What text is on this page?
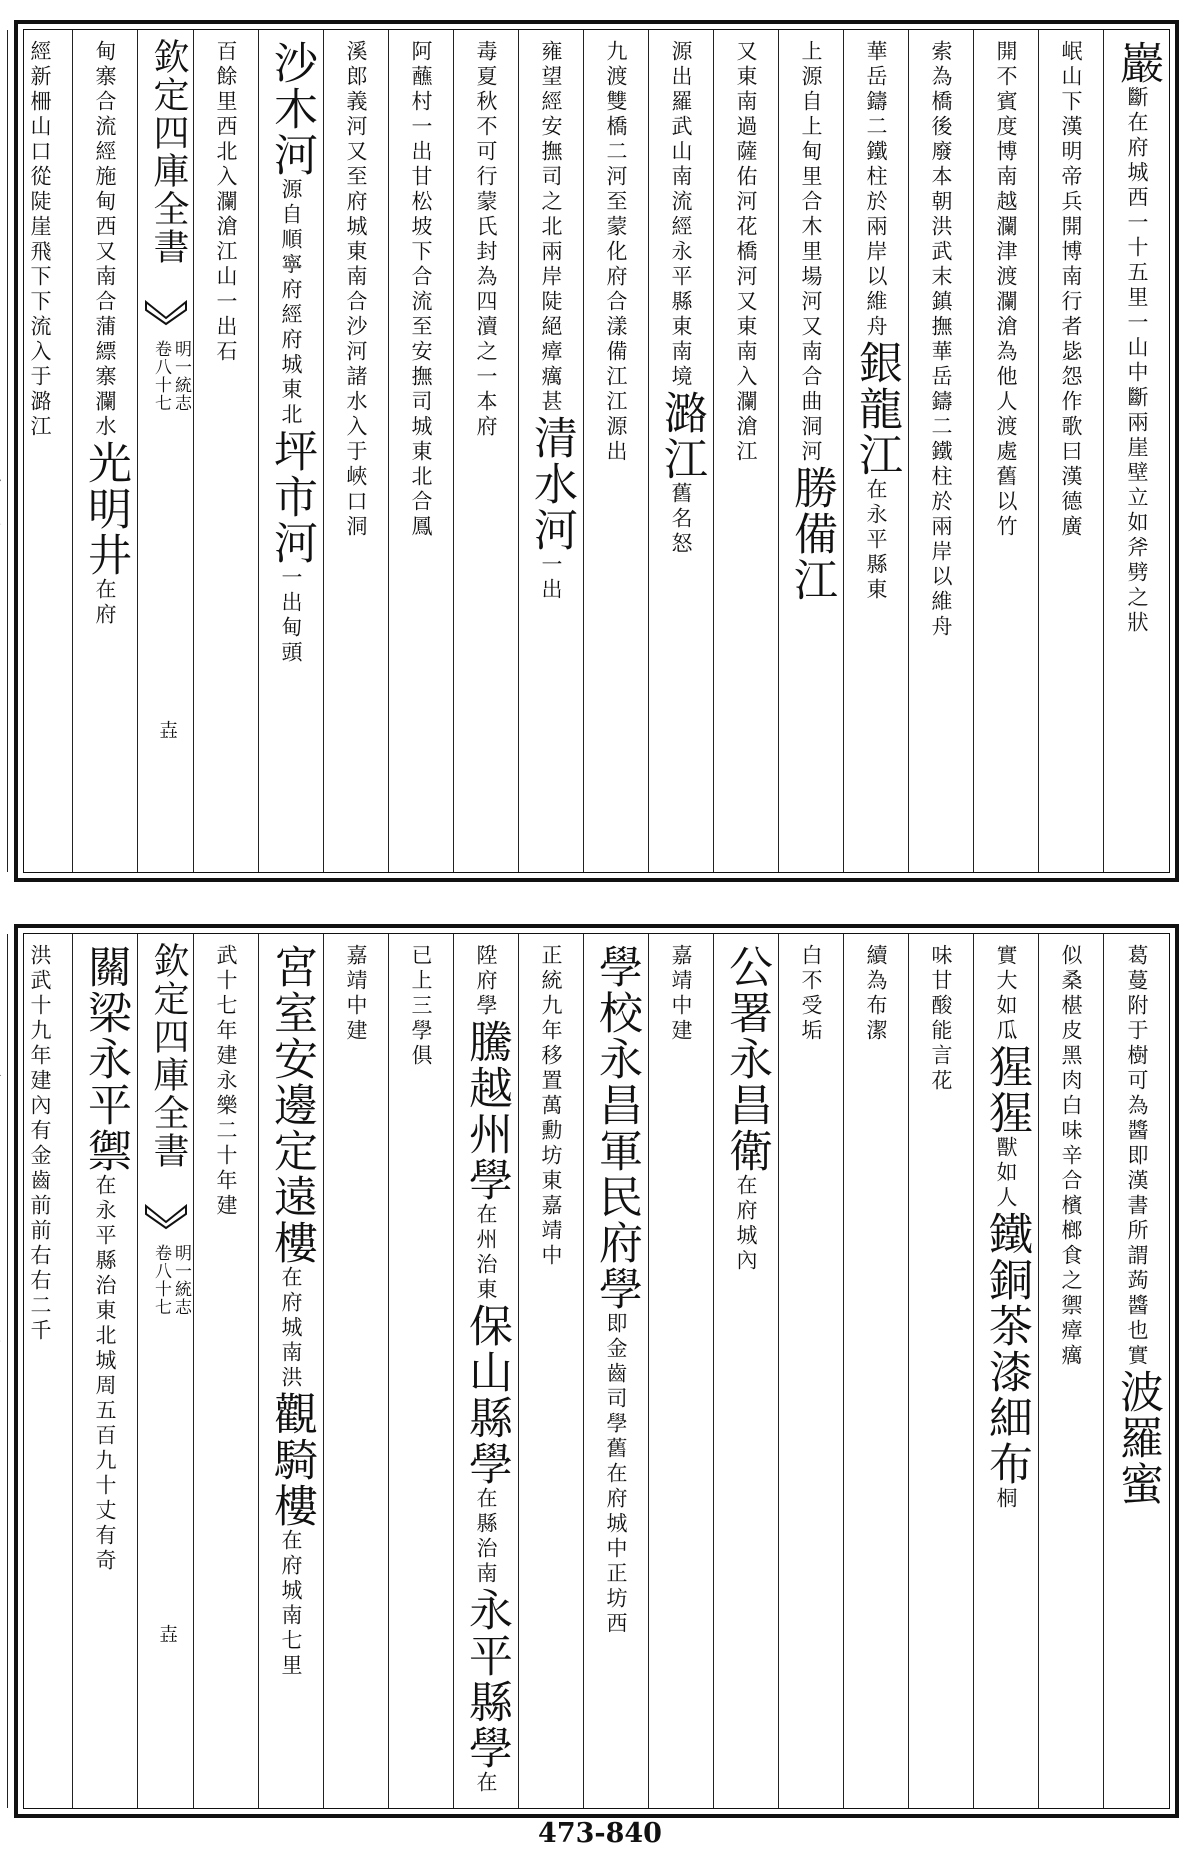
巖斷在府城西一十五里一山中斷兩崖壁立如斧劈之狀
岷山下漢明帝兵開博南行者毖怨作歌曰漢德廣
開不賓度博南越瀾津渡瀾滄為他人渡處舊以竹
索為橋後廢本朝洪武末鎮撫華岳鑄二鐵柱於兩岸以維舟
華岳鑄二鐵柱於兩岸以維舟銀龍江在永平縣東
上源自上甸里合木里場河又南合曲洞河勝備江
又東南過薩佑河花橋河又東南入瀾滄江
源出羅武山南流經永平縣東南境潞江舊名怒
九渡雙橋二河至蒙化府合漾備江江源出
雍望經安撫司之北兩岸陡絕瘴癘甚清水河一出
毒夏秋不可行蒙氏封為四瀆之一本府
阿蘸村一出甘松坡下合流至安撫司城東北合鳳
溪郎義河又至府城東南合沙河諸水入于峽口洞
沙木河源自順寧府經府城東北坪市河一出甸頭
百餘里西北入瀾滄江山一出石
欽定四庫全書
明一統志
卷八十七
壵
甸寨合流經施甸西又南合蒲縹寨瀾水光明井在府
經新柵山口從陡崖飛下下流入于潞江
葛蔓附于樹可為醬即漢書所謂蒟醬也實波羅蜜
似桑椹皮黑肉白味辛合檳榔食之禦瘴癘
實大如瓜猩猩獸如人鐵銅茶漆細布桐
味甘酸能言花
續為布潔
白不受垢
公署永昌衛在府城內
嘉靖中建
學校永昌軍民府學即金齒司學舊在府城中正坊西
正統九年移置萬勳坊東嘉靖中
陞府學騰越州學在州治東保山縣學在縣治南永平縣學在
已上三學俱
嘉靖中建
宮室安邊定遠樓在府城南洪觀騎樓在府城南七里
武十七年建永樂二十年建
欽定四庫全書
明一統志
卷八十七
壵
關梁永平禦在永平縣治東北城周五百九十丈有奇
洪武十九年建內有金齒前前右右二千
473-840
